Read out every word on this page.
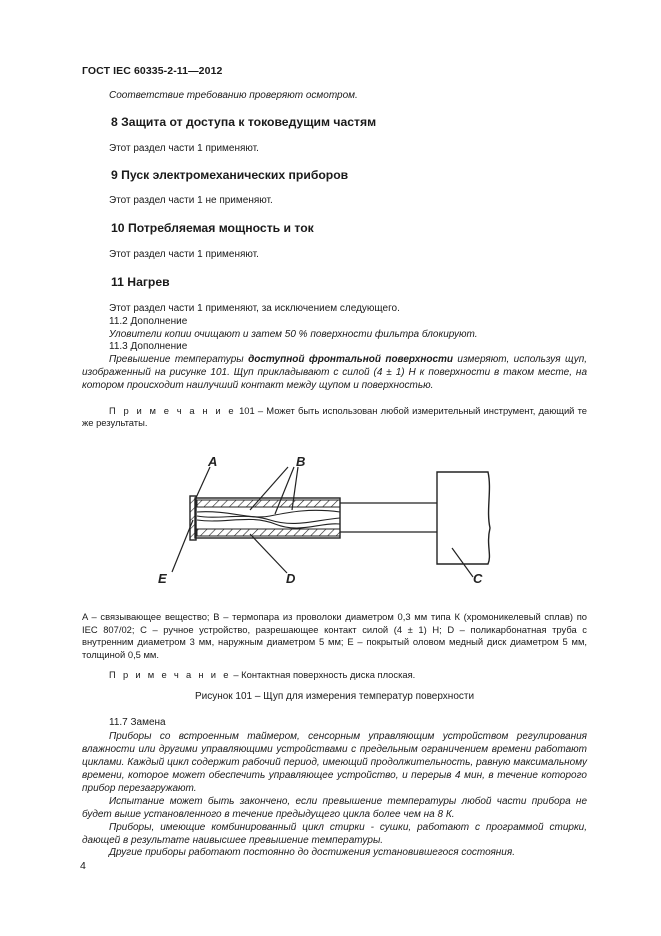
ГОСТ IEC 60335-2-11—2012
Соответствие требованию проверяют осмотром.
8 Защита от доступа к токоведущим частям
Этот раздел части 1 применяют.
9 Пуск электромеханических приборов
Этот раздел части 1 не применяют.
10 Потребляемая мощность и ток
Этот раздел части 1 применяют.
11 Нагрев
Этот раздел части 1 применяют, за исключением следующего.
11.2 Дополнение
Уловители копии очищают и затем 50 % поверхности фильтра блокируют.
11.3 Дополнение
Превышение температуры доступной фронтальной поверхности измеряют, используя щуп, изображенный на рисунке 101. Щуп прикладывают с силой (4 ± 1) Н к поверхности в таком месте, на котором происходит наилучший контакт между щупом и поверхностью.
П р и м е ч а н и е 101 – Может быть использован любой измерительный инструмент, дающий те же результаты.
A	B
E	D	C
A – связывающее вещество; B – термопара из проволоки диаметром 0,3 мм типа К (хромоникелевый сплав) по IEC 807/02; C – ручное устройство, разрешающее контакт силой (4 ± 1) Н; D – поликарбонатная труба с внутренним диаметром 3 мм, наружным диаметром 5 мм; E – покрытый оловом медный диск диаметром 5 мм, толщиной 0,5 мм.
П р и м е ч а н и е – Контактная поверхность диска плоская.
Рисунок 101 – Щуп для измерения температур поверхности
11.7 Замена
Приборы со встроенным таймером, сенсорным управляющим устройством регулирования влажности или другими управляющими устройствами с предельным ограничением времени работают циклами. Каждый цикл содержит рабочий период, имеющий продолжительность, равную максимальному времени, которое может обеспечить управляющее устройство, и перерыв 4 мин, в течение которого прибор перезагружают.
Испытание может быть закончено, если превышение температуры любой части прибора не будет выше установленного в течение предыдущего цикла более чем на 8 К.
Приборы, имеющие комбинированный цикл стирки - сушки, работают с программой стирки, дающей в результате наивысшее превышение температуры.
Другие приборы работают постоянно до достижения установившегося состояния.
4
